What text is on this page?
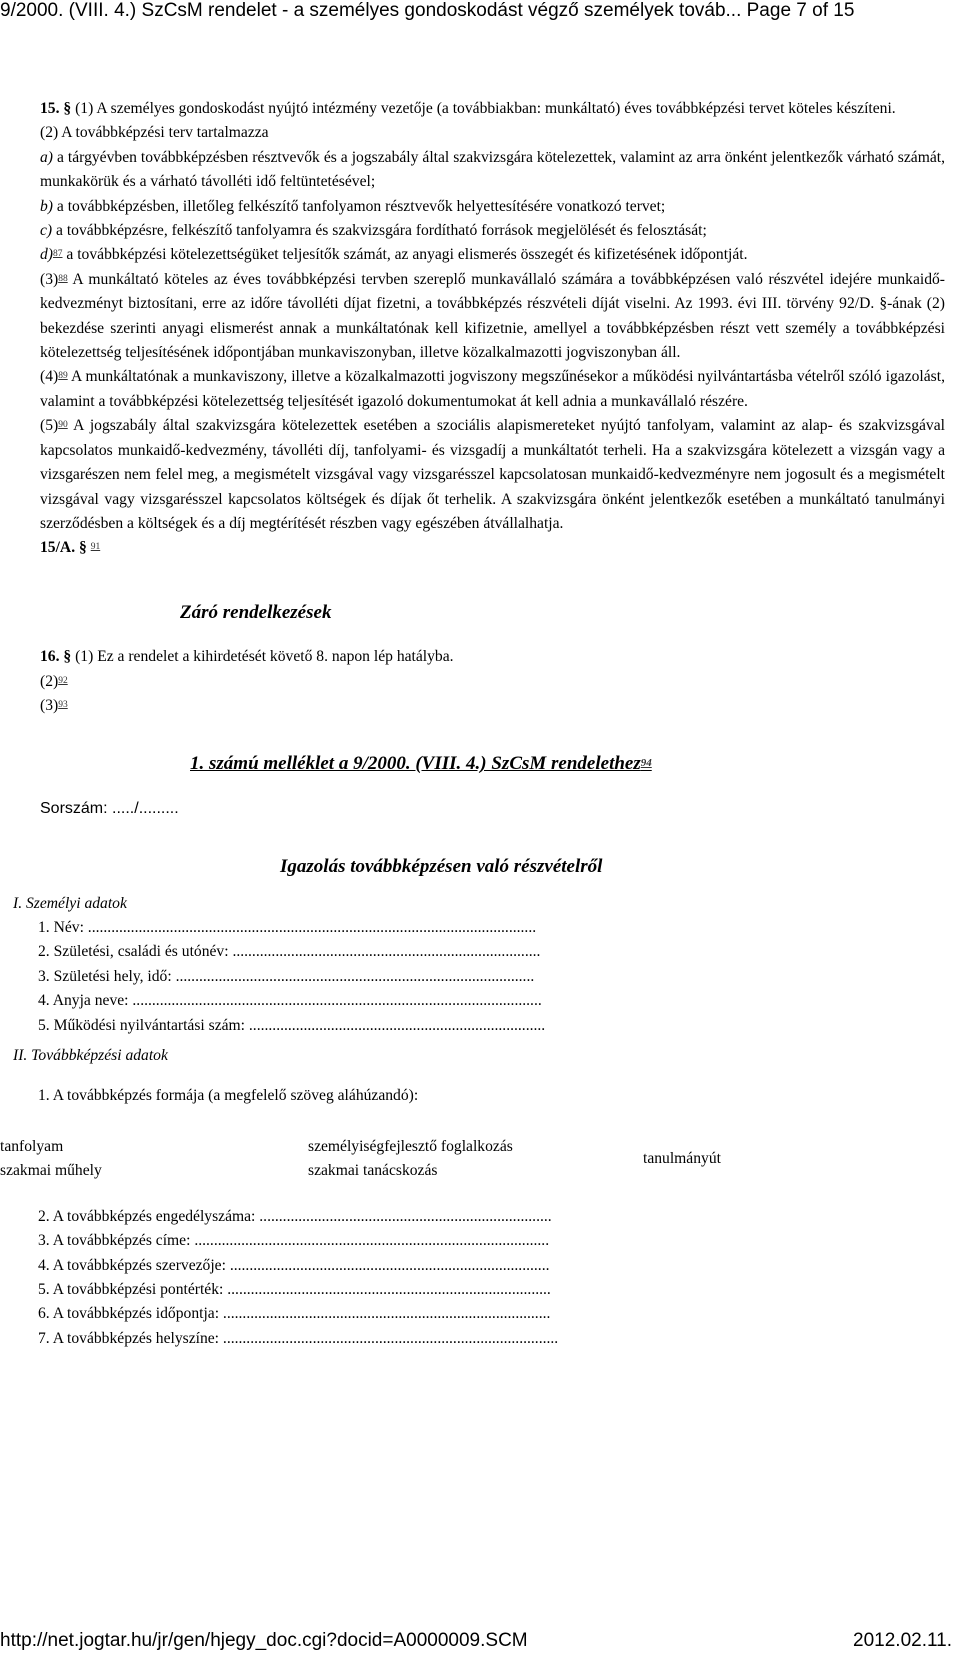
9/2000. (VIII. 4.) SzCsM rendelet - a személyes gondoskodást végző személyek továb... Page 7 of 15

15. § (1) A személyes gondoskodást nyújtó intézmény vezetője (a továbbiakban: munkáltató) éves továbbképzési tervet köteles készíteni.

(2) A továbbképzési terv tartalmazza

a) a tárgyévben továbbképzésben résztvevők és a jogszabály által szakvizsgára kötelezettek, valamint az arra önként jelentkezők várható számát, munkakörük és a várható távolléti idő feltüntetésével;

b) a továbbképzésben, illetőleg felkészítő tanfolyamon résztvevők helyettesítésére vonatkozó tervet;

c) a továbbképzésre, felkészítő tanfolyamra és szakvizsgára fordítható források megjelölését és felosztását;

d)$^{87}$ a továbbképzési kötelezettségüket teljesítők számát, az anyagi elismerés összegét és kifizetésének időpontját.

(3)$^{88}$ A munkáltató köteles az éves továbbképzési tervben szereplő munkavállaló számára a továbbképzésen való részvétel idejére munkaidő-kedvezményt biztosítani, erre az időre távolléti díjat fizetni, a továbbképzés részvételi díját viselni. Az 1993. évi III. törvény 92/D. §-ának (2) bekezdése szerinti anyagi elismerést annak a munkáltatónak kell kifizetnie, amellyel a továbbképzésben részt vett személy a továbbképzési kötelezettség teljesítésének időpontjában munkaviszonyban, illetve közalkalmazotti jogviszonyban áll.

(4)$^{89}$ A munkáltatónak a munkaviszony, illetve a közalkalmazotti jogviszony megszűnésekor a működési nyilvántartásba vételről szóló igazolást, valamint a továbbképzési kötelezettség teljesítését igazoló dokumentumokat át kell adnia a munkavállaló részére.

(5)$^{90}$ A jogszabály által szakvizsgára kötelezettek esetében a szociális alapismereteket nyújtó tanfolyam, valamint az alap- és szakvizsgával kapcsolatos munkaidő-kedvezmény, távolléti díj, tanfolyami- és vizsgadíj a munkáltatót terheli. Ha a szakvizsgára kötelezett a vizsgán vagy a vizsgarészen nem felel meg, a megismételt vizsgával vagy vizsgarésszel kapcsolatosan munkaidő-kedvezményre nem jogosult és a megismételt vizsgával vagy vizsgarésszel kapcsolatos költségek és díjak őt terhelik. A szakvizsgára önként jelentkezők esetében a munkáltató tanulmányi szerződésben a költségek és a díj megtérítését részben vagy egészében átvállalhatja.

15/A. § $^{91}$

Záró rendelkezések

16. § (1) Ez a rendelet a kihirdetését követő 8. napon lép hatályba.

(2)$^{92}$

(3)$^{93}$

1. számú melléklet a 9/2000. (VIII. 4.) SzCsM rendelethez$^{94}$
Sorszám: ...../.........
Igazolás továbbképzésen való részvételről
I. Személyi adatok
1. Név: ...................................................................................................................
2. Születési, családi és utónév: ...............................................................................
3. Születési hely, idő: ............................................................................................
4. Anyja neve: .........................................................................................................
5. Működési nyilvántartási szám: ............................................................................
II. Továbbképzési adatok
1. A továbbképzés formája (a megfelelő szöveg aláhúzandó):
tanfolyam
szakmai műhely
személyiségfejlesztő foglalkozás
szakmai tanácskozás
tanulmányút
2. A továbbképzés engedélyszáma: ...........................................................................
3. A továbbképzés címe: ...........................................................................................
4. A továbbképzés szervezője: ..................................................................................
5. A továbbképzési pontérték: ...................................................................................
6. A továbbképzés időpontja: ....................................................................................
7. A továbbképzés helyszíne: ......................................................................................
http://net.jogtar.hu/jr/gen/hjegy_doc.cgi?docid=A0000009.SCM	2012.02.11.
